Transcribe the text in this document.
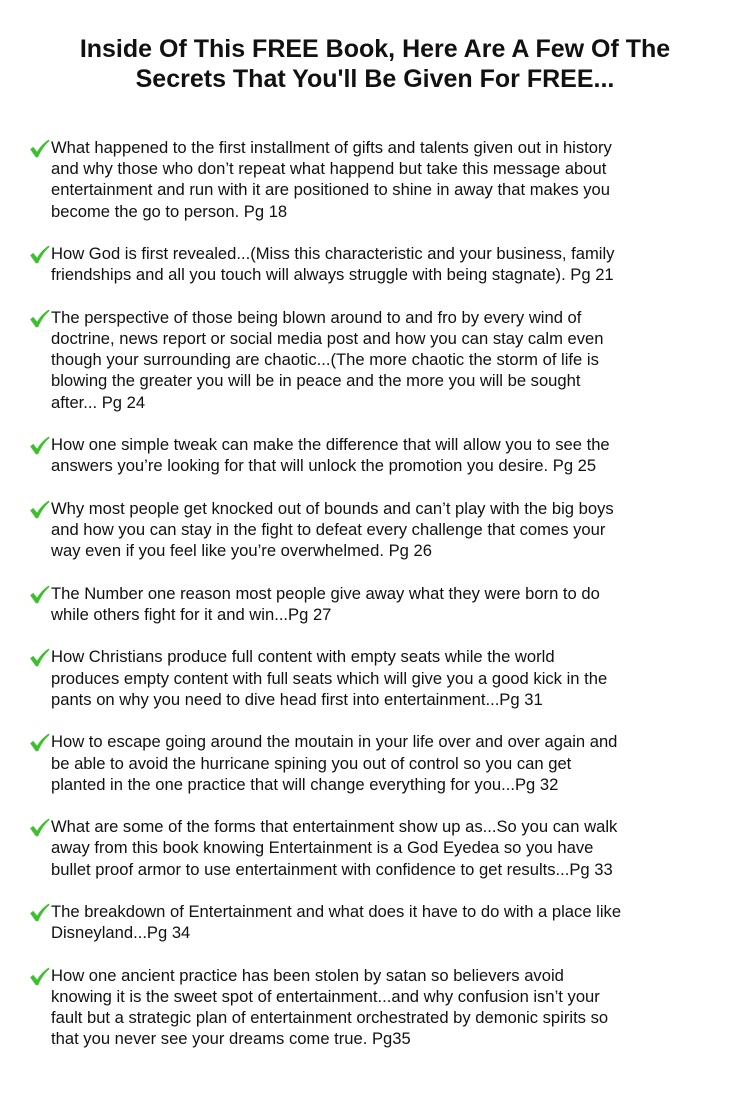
Inside Of This FREE Book, Here Are A Few Of The
Secrets That You'll Be Given For FREE...
What happened to the first installment of gifts and talents given out in history
and why those who don’t repeat what happend but take this message about
entertainment and run with it are positioned to shine in away that makes you
become the go to person. Pg 18
How God is first revealed...(Miss this characteristic and your business, family
friendships and all you touch will always struggle with being stagnate). Pg 21
The perspective of those being blown around to and fro by every wind of
doctrine, news report or social media post and how you can stay calm even
though your surrounding are chaotic...(The more chaotic the storm of life is
blowing the greater you will be in peace and the more you will be sought
after... Pg 24
How one simple tweak can make the difference that will allow you to see the
answers you’re looking for that will unlock the promotion you desire. Pg 25
Why most people get knocked out of bounds and can’t play with the big boys
and how you can stay in the fight to defeat every challenge that comes your
way even if you feel like you’re overwhelmed. Pg 26
The Number one reason most people give away what they were born to do
while others fight for it and win...Pg 27
How Christians produce full content with empty seats while the world
produces empty content with full seats which will give you a good kick in the
pants on why you need to dive head first into entertainment...Pg 31
How to escape going around the moutain in your life over and over again and
be able to avoid the hurricane spining you out of control so you can get
planted in the one practice that will change everything for you...Pg 32
What are some of the forms that entertainment show up as...So you can walk
away from this book knowing Entertainment is a God Eyedea so you have
bullet proof armor to use entertainment with confidence to get results...Pg 33
The breakdown of Entertainment and what does it have to do with a place like
Disneyland...Pg 34
How one ancient practice has been stolen by satan so believers avoid
knowing it is the sweet spot of entertainment...and why confusion isn’t your
fault but a strategic plan of entertainment orchestrated by demonic spirits so
that you never see your dreams come true. Pg35
